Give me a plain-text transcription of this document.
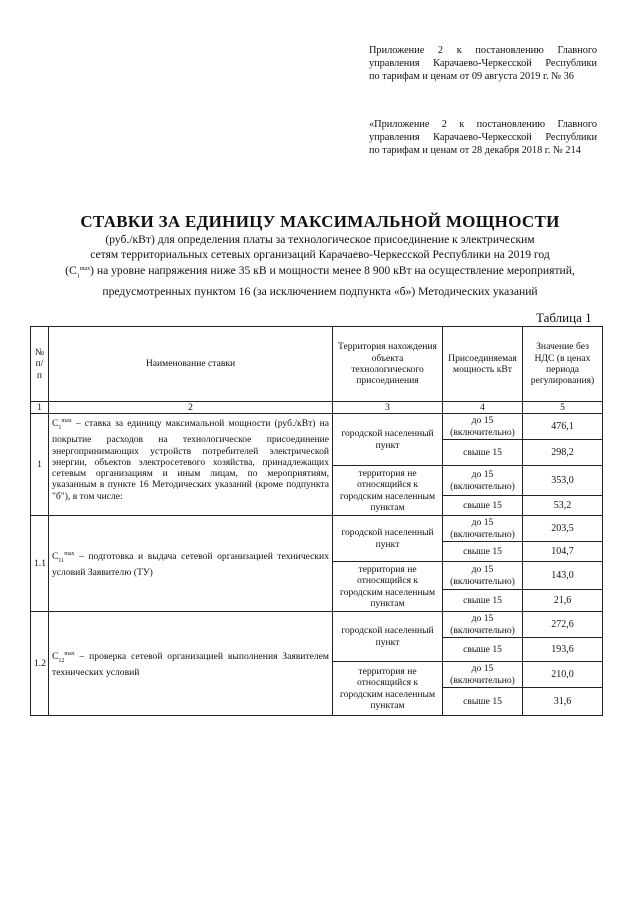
Приложение 2 к постановлению Главного
управления Карачаево-Черкесской Республики
по тарифам и ценам от 09 августа 2019 г. № 36
«Приложение 2 к постановлению Главного
управления Карачаево-Черкесской Республики
по тарифам и ценам от 28 декабря 2018 г. № 214
СТАВКИ ЗА ЕДИНИЦУ МАКСИМАЛЬНОЙ МОЩНОСТИ
(руб./кВт) для определения платы за технологическое присоединение к электрическим
сетям территориальных сетевых организаций Карачаево-Черкесской Республики на 2019 год
$(С_1^{max})$ на уровне напряжения ниже 35 кВ и мощности менее 8 900 кВт на осуществление мероприятий,
предусмотренных пунктом 16 (за исключением подпункта «б») Методических указаний
Таблица 1
№ п/п	Наименование ставки	Территория нахождения объекта технологического присоединения	Присоединяемая мощность кВт	Значение без НДС (в ценах периода регулирования)
1	2	3	4	5
1	$С_1^{max}$ – ставка за единицу максимальной мощности (руб./кВт) на покрытие расходов на технологическое присоединение энергопринимающих устройств потребителей электрической энергии, объектов электросетевого хозяйства, принадлежащих сетевым организациям и иным лицам, по мероприятиям, указанным в пункте 16 Методических указаний (кроме подпункта "б"), в том числе:	городской населенный пункт	до 15 (включительно)	476,1
			свыше 15	298,2
		территория не относящийся к городским населенным пунктам	до 15 (включительно)	353,0
			свыше 15	53,2
1.1	$С_{11}^{max}$ – подготовка и выдача сетевой организацией технических условий Заявителю (ТУ)	городской населенный пункт	до 15 (включительно)	203,5
			свыше 15	104,7
		территория не относящийся к городским населенным пунктам	до 15 (включительно)	143,0
			свыше 15	21,6
1.2	$С_{12}^{max}$ – проверка сетевой организацией выполнения Заявителем технических условий	городской населенный пункт	до 15 (включительно)	272,6
			свыше 15	193,6
		территория не относящийся к городским населенным пунктам	до 15 (включительно)	210,0
			свыше 15	31,6
